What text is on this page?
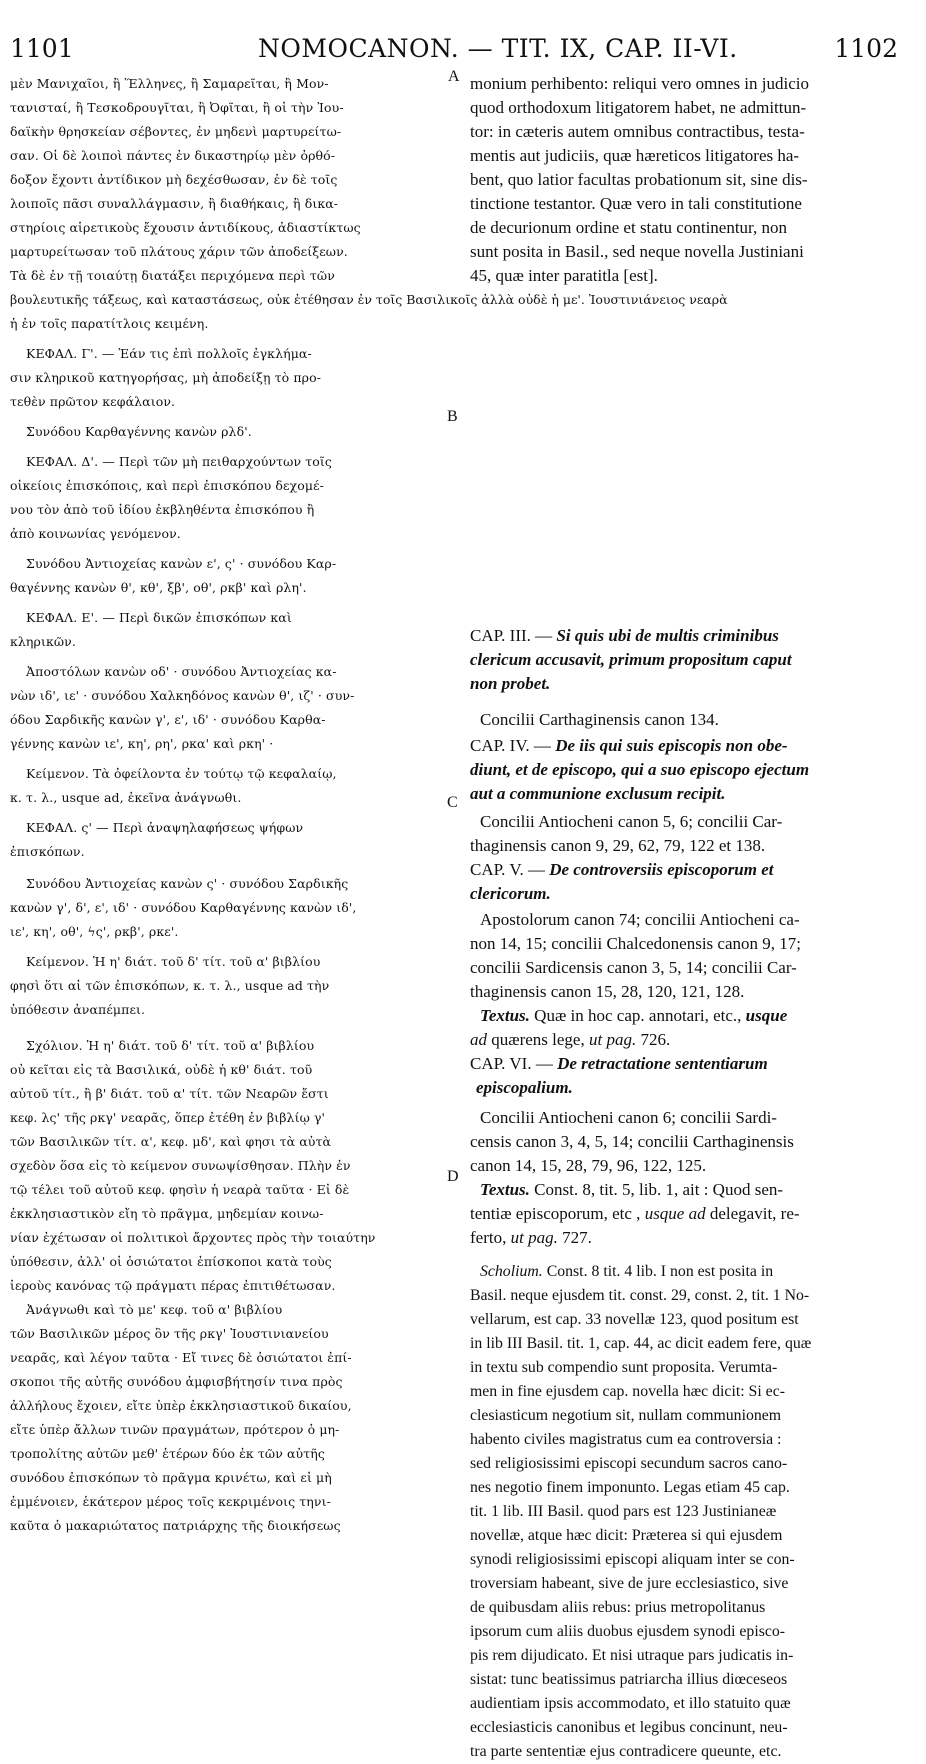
1101	NOMOCANON. — TIT. IX, CAP. II-VI.	1102
μὲν Μανιχαῖοι, ἢ Ἕλληνες, ἢ Σαμαρεῖται, ἢ Μον-
τανισταί, ἢ Τεσκοδρουγῖται, ἢ Ὀφῖται, ἢ οἱ τὴν Ἰου-
δαϊκὴν θρησκείαν σέβοντες, ἐν μηδενὶ μαρτυρείτω-
σαν. Οἱ δὲ λοιποὶ πάντες ἐν δικαστηρίῳ μὲν ὀρθό-
δοξον ἔχοντι ἀντίδικον μὴ δεχέσθωσαν, ἐν δὲ τοῖς
λοιποῖς πᾶσι συναλλάγμασιν, ἢ διαθήκαις, ἢ δικα-
στηρίοις αἱρετικοὺς ἔχουσιν ἀντιδίκους, ἀδιαστίκτως
μαρτυρείτωσαν τοῦ πλάτους χάριν τῶν ἀποδείξεων.
Τὰ δὲ ἐν τῇ τοιαύτῃ διατάξει περιχόμενα περὶ τῶν
ἡ ἐν τοῖς παρατίτλοις κειμένη.
ΚΕΦΑΛ. Γ'. — Ἐάν τις ἐπὶ πολλοῖς ἐγκλήμα-
σιν κληρικοῦ κατηγορήσας, μὴ ἀποδείξῃ τὸ προ-
τεθὲν πρῶτον κεφάλαιον.
Συνόδου Καρθαγέννης κανὼν ρλδ'.
ΚΕΦΑΛ. Δ'. — Περὶ τῶν μὴ πειθαρχούντων τοῖς
οἰκείοις ἐπισκόποις, καὶ περὶ ἐπισκόπου δεχομέ-
νου τὸν ἀπὸ τοῦ ἰδίου ἐκβληθέντα ἐπισκόπου ἢ
ἀπὸ κοινωνίας γενόμενον.
Συνόδου Ἀντιοχείας κανὼν ε', ς' · συνόδου Καρ-
θαγέννης κανὼν θ', κθ', ξβ', οθ', ρκβ' καὶ ρλη'.
ΚΕΦΑΛ. Ε'. — Περὶ δικῶν ἐπισκόπων καὶ
κληρικῶν.
Ἀποστόλων κανὼν οδ' · συνόδου Ἀντιοχείας κα-
νὼν ιδ', ιε' · συνόδου Χαλκηδόνος κανὼν θ', ιζ' · συν-
όδου Σαρδικῆς κανὼν γ', ε', ιδ' · συνόδου Καρθα-
γέννης κανὼν ιε', κη', ρη', ρκα' καὶ ρκη' ·
Κείμενον. Τὰ ὀφείλοντα ἐν τούτῳ τῷ κεφαλαίῳ,
κ. τ. λ., usque ad, ἐκεῖνα ἀνάγνωθι.
ΚΕΦΑΛ. ς' — Περὶ ἀναψηλαφήσεως ψήφων
ἐπισκόπων.
Συνόδου Ἀντιοχείας κανὼν ς' · συνόδου Σαρδικῆς
κανὼν γ', δ', ε', ιδ' · συνόδου Καρθαγέννης κανὼν ιδ',
ιε', κη', οθ', ϟς', ρκβ', ρκε'.
Κείμενον. Ἡ η' διάτ. τοῦ δ' τίτ. τοῦ α' βιβλίου
φησὶ ὅτι αἱ τῶν ἐπισκόπων, κ. τ. λ., usque ad τὴν
ὑπόθεσιν ἀναπέμπει.
Σχόλιον. Ἡ η' διάτ. τοῦ δ' τίτ. τοῦ α' βιβλίου
οὐ κεῖται εἰς τὰ Βασιλικά, οὐδὲ ἡ κθ' διάτ. τοῦ
αὐτοῦ τίτ., ἢ β' διάτ. τοῦ α' τίτ. τῶν Νεαρῶν ἔστι
κεφ. λς' τῆς ρκγ' νεαρᾶς, ὅπερ ἐτέθη ἐν βιβλίῳ γ'
τῶν Βασιλικῶν τίτ. α', κεφ. μδ', καὶ φησι τὰ αὐτὰ
σχεδὸν ὅσα εἰς τὸ κείμενον συνωψίσθησαν. Πλὴν ἐν
τῷ τέλει τοῦ αὐτοῦ κεφ. φησὶν ἡ νεαρὰ ταῦτα · Εἰ δὲ
ἐκκλησιαστικὸν εἴη τὸ πρᾶγμα, μηδεμίαν κοινω-
νίαν ἐχέτωσαν οἱ πολιτικοὶ ἄρχοντες πρὸς τὴν τοιαύτην
ὑπόθεσιν, ἀλλ' οἱ ὁσιώτατοι ἐπίσκοποι κατὰ τοὺς
ἱεροὺς κανόνας τῷ πράγματι πέρας ἐπιτιθέτωσαν.
Ἀνάγνωθι καὶ τὸ με' κεφ. τοῦ α' βιβλίου
τῶν Βασιλικῶν μέρος ὃν τῆς ρκγ' Ἰουστινιανείου
νεαρᾶς, καὶ λέγον ταῦτα · Εἴ τινες δὲ ὁσιώτατοι ἐπί-
σκοποι τῆς αὐτῆς συνόδου ἀμφισβήτησίν τινα πρὸς
ἀλλήλους ἔχοιεν, εἴτε ὑπὲρ ἐκκλησιαστικοῦ δικαίου,
εἴτε ὑπὲρ ἄλλων τινῶν πραγμάτων, πρότερον ὁ μη-
τροπολίτης αὐτῶν μεθ' ἑτέρων δύο ἐκ τῶν αὐτῆς
συνόδου ἐπισκόπων τὸ πρᾶγμα κρινέτω, καὶ εἰ μὴ
ἐμμένοιεν, ἑκάτερον μέρος τοῖς κεκριμένοις τηνι-
καῦτα ὁ μακαριώτατος πατριάρχης τῆς διοικήσεως
CAP. III. — Si quis ubi de multis criminibus
clericum accusavit, primum propositum caput
non probet.
Concilii Carthaginensis canon 134.
CAP. IV. — De iis qui suis episcopis non obe-
diunt, et de episcopo, qui a suo episcopo ejectum
aut a communione exclusum recipit.
Concilii Antiocheni canon 5, 6; concilii Car-
thaginensis canon 9, 29, 62, 79, 122 et 138.
CAP. V. — De controversiis episcoporum et
clericorum.
Apostolorum canon 74; concilii Antiocheni ca-
non 14, 15; concilii Chalcedonensis canon 9, 17;
concilii Sardicensis canon 3, 5, 14; concilii Car-
thaginensis canon 15, 28, 120, 121, 128.
Textus. Quæ in hoc cap. annotari, etc., usque
ad quærens lege, ut pag. 726.
CAP. VI. — De retractatione sententiarum
episcopalium.
Concilii Antiocheni canon 6; concilii Sardi-
censis canon 3, 4, 5, 14; concilii Carthaginensis
canon 14, 15, 28, 79, 96, 122, 125.
Textus. Const. 8, tit. 5, lib. 1, ait : Quod sen-
tentiæ episcoporum, etc , usque ad delegavit, re-
ferto, ut pag. 727.
Scholium. Const. 8 tit. 4 lib. I non est posita in
monium perhibento: reliqui vero omnes in judicio
quod orthodoxum litigatorem habet, ne admittun-
tor: in cæteris autem omnibus contractibus, testa-
mentis aut judiciis, quæ hæreticos litigatores ha-
bent, quo latior facultas probationum sit, sine dis-
tinctione testantor. Quæ vero in tali constitutione
de decurionum ordine et statu continentur, non
sunt posita in Basil., sed neque novella Justiniani
45, quæ inter paratitla [est].
Basil. neque ejusdem tit. const. 29, const. 2, tit. 1 No-
vellarum, est cap. 33 novellæ 123, quod positum est
in lib III Basil. tit. 1, cap. 44, ac dicit eadem fere, quæ
in textu sub compendio sunt proposita. Verumta-
men in fine ejusdem cap. novella hæc dicit: Si ec-
clesiasticum negotium sit, nullam communionem
habento civiles magistratus cum ea controversia :
sed religiosissimi episcopi secundum sacros cano-
nes negotio finem imponunto. Legas etiam 45 cap.
tit. 1 lib. III Basil. quod pars est 123 Justinianeæ
novellæ, atque hæc dicit: Præterea si qui ejusdem
synodi religiosissimi episcopi aliquam inter se con-
troversiam habeant, sive de jure ecclesiastico, sive
de quibusdam aliis rebus: prius metropolitanus
ipsorum cum aliis duobus ejusdem synodi episco-
pis rem dijudicato. Et nisi utraque pars judicatis in-
sistat: tunc beatissimus patriarcha illius diœceseos
audientiam ipsis accommodato, et illo statuito quæ
ecclesiasticis canonibus et legibus concinunt, neu-
tra parte sententiæ ejus contradicere queunte, etc.
βουλευτικῆς τάξεως, καὶ καταστάσεως, οὐκ ἐτέθησαν ἐν τοῖς Βασιλικοῖς ἀλλὰ οὐδὲ ἡ με'. Ἰουστινιάνειος νεαρὰ
A
B
C
D
